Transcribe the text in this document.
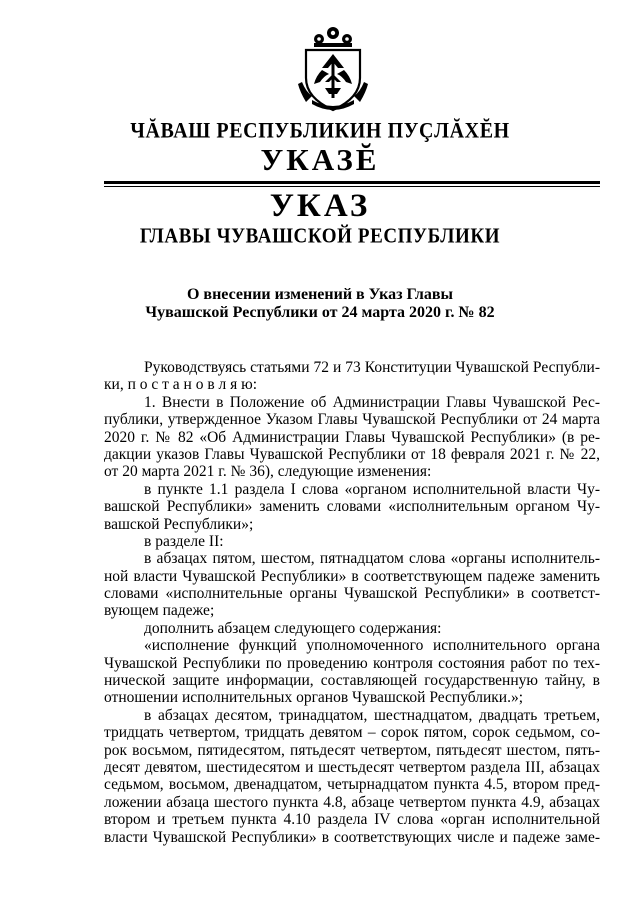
ЧĂВАШ РЕСПУБЛИКИН ПУÇЛĂХĔН
УКАЗĔ
УКАЗ
ГЛАВЫ ЧУВАШСКОЙ РЕСПУБЛИКИ
О внесении изменений в Указ Главы
Чувашской Республики от 24 марта 2020 г. № 82
Руководствуясь статьями 72 и 73 Конституции Чувашской Республи-
ки, п о с т а н о в л я ю:
1. Внести в Положение об Администрации Главы Чувашской Рес-
публики, утвержденное Указом Главы Чувашской Республики от 24 марта
2020 г. № 82 «Об Администрации Главы Чувашской Республики» (в ре-
дакции указов Главы Чувашской Республики от 18 февраля 2021 г. № 22,
от 20 марта 2021 г. № 36), следующие изменения:
в пункте 1.1 раздела I слова «органом исполнительной власти Чу-
вашской Республики» заменить словами «исполнительным органом Чу-
вашской Республики»;
в разделе II:
в абзацах пятом, шестом, пятнадцатом слова «органы исполнитель-
ной власти Чувашской Республики» в соответствующем падеже заменить
словами «исполнительные органы Чувашской Республики» в соответст-
вующем падеже;
дополнить абзацем следующего содержания:
«исполнение функций уполномоченного исполнительного органа
Чувашской Республики по проведению контроля состояния работ по тех-
нической защите информации, составляющей государственную тайну, в
отношении исполнительных органов Чувашской Республики.»;
в абзацах десятом, тринадцатом, шестнадцатом, двадцать третьем,
тридцать четвертом, тридцать девятом – сорок пятом, сорок седьмом, со-
рок восьмом, пятидесятом, пятьдесят четвертом, пятьдесят шестом, пять-
десят девятом, шестидесятом и шестьдесят четвертом раздела III, абзацах
седьмом, восьмом, двенадцатом, четырнадцатом пункта 4.5, втором пред-
ложении абзаца шестого пункта 4.8, абзаце четвертом пункта 4.9, абзацах
втором и третьем пункта 4.10 раздела IV слова «орган исполнительной
власти Чувашской Республики» в соответствующих числе и падеже заме-
